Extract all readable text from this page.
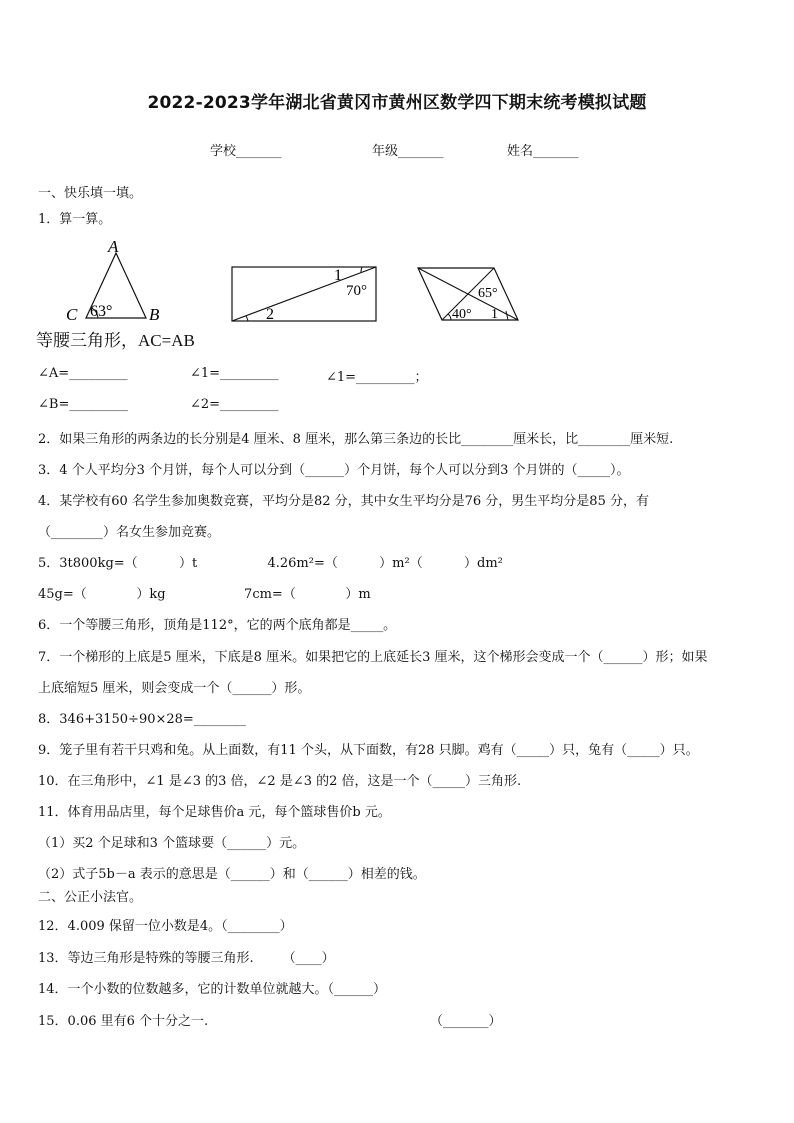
2022-2023学年湖北省黄冈市黄州区数学四下期末统考模拟试题
学校_______	年级_______	姓名_______
一、快乐填一填。
1．算一算。
A
C	B
63°
1
2
70°	65°
40° 1
等腰三角形，AC=AB
∠A=_________	∠1=_________	∠1=_________；
∠B=_________	∠2=_________
2．如果三角形的两条边的长分别是4 厘米、8 厘米，那么第三条边的长比________厘米长，比________厘米短.
3．4 个人平均分3 个月饼，每个人可以分到（______）个月饼，每个人可以分到3 个月饼的（_____）。
4．某学校有60 名学生参加奥数竞赛，平均分是82 分，其中女生平均分是76 分，男生平均分是85 分，有
（________）名女生参加竞赛。
5．3t800kg=（          ）t                 4.26m²=（          ）m²（          ）dm²
45g=（            ）kg                   7cm=（            ）m
6．一个等腰三角形，顶角是112°，它的两个底角都是_____。
7．一个梯形的上底是5 厘米，下底是8 厘米。如果把它的上底延长3 厘米，这个梯形会变成一个（______）形；如果
上底缩短5 厘米，则会变成一个（______）形。
8．346+3150÷90×28=________
9．笼子里有若干只鸡和兔。从上面数，有11 个头，从下面数，有28 只脚。鸡有（_____）只，兔有（_____）只。
10．在三角形中，∠1 是∠3 的3 倍，∠2 是∠3 的2 倍，这是一个（_____）三角形.
11．体育用品店里，每个足球售价a 元，每个篮球售价b 元。
（1）买2 个足球和3 个篮球要（______）元。
（2）式子5b－a 表示的意思是（______）和（______）相差的钱。
二、公正小法官。
12．4.009 保留一位小数是4。（________）
13．等边三角形是特殊的等腰三角形.       （____）
14．一个小数的位数越多，它的计数单位就越大。（______）
15．0.06 里有6 个十分之一.	（_______）
